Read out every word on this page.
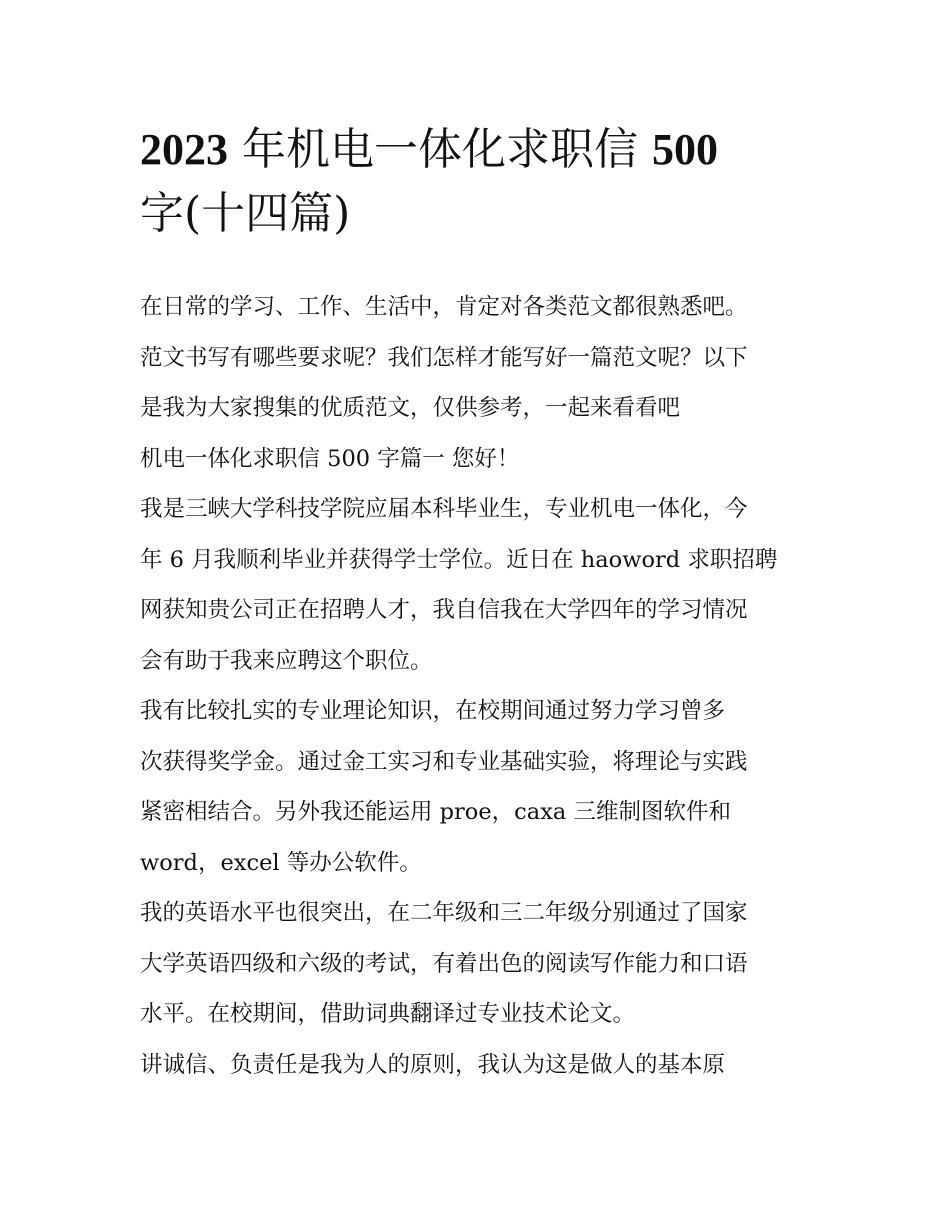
2023 年机电一体化求职信 500
字(十四篇)

在日常的学习、工作、生活中，肯定对各类范文都很熟悉吧。
范文书写有哪些要求呢？我们怎样才能写好一篇范文呢？以下
是我为大家搜集的优质范文，仅供参考，一起来看看吧
机电一体化求职信 500 字篇一 您好！
我是三峡大学科技学院应届本科毕业生，专业机电一体化，今
年 6 月我顺利毕业并获得学士学位。近日在 haoword 求职招聘
网获知贵公司正在招聘人才，我自信我在大学四年的学习情况
会有助于我来应聘这个职位。
我有比较扎实的专业理论知识，在校期间通过努力学习曾多
次获得奖学金。通过金工实习和专业基础实验，将理论与实践
紧密相结合。另外我还能运用 proe，caxa 三维制图软件和
word，excel 等办公软件。
我的英语水平也很突出，在二年级和三二年级分别通过了国家
大学英语四级和六级的考试，有着出色的阅读写作能力和口语
水平。在校期间，借助词典翻译过专业技术论文。
讲诚信、负责任是我为人的原则，我认为这是做人的基本原
